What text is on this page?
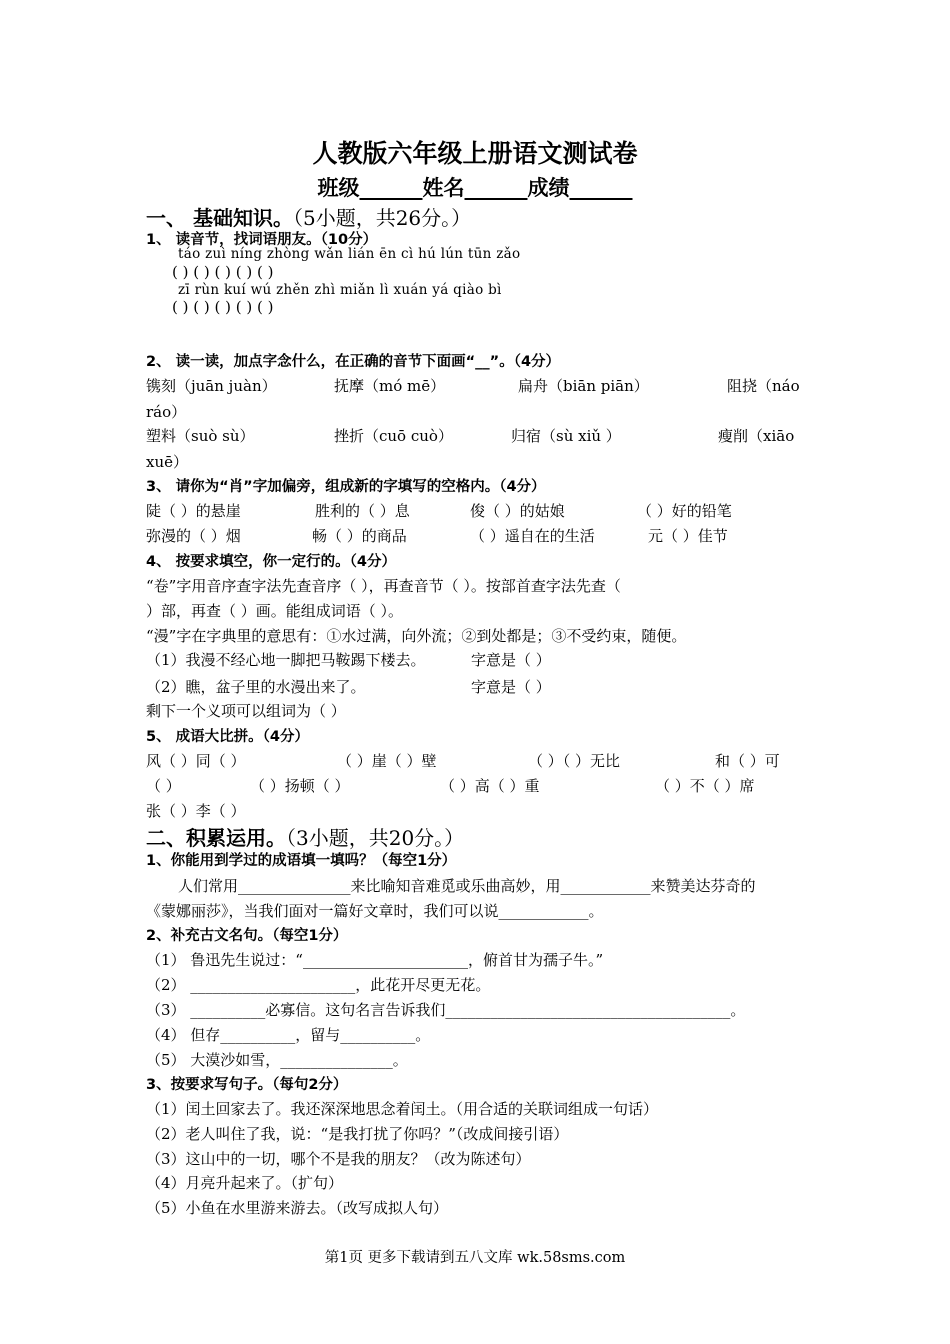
人教版六年级上册语文测试卷
班级______姓名______成绩______
一、 基础知识。（5小题，共26分。）
1、 读音节，找词语朋友。（10分）
táo zuì níng zhòng wǎn lián ēn cì hú lún tūn zǎo
( ) ( ) ( ) ( ) ( )
zī rùn kuí wú zhěn zhì miǎn lì xuán yá qiào bì
( ) ( ) ( ) ( ) ( )
2、 读一读，加点字念什么，在正确的音节下面画“__”。（4分）
镌刻（juān juàn）	抚摩（mó mē）	扁舟（biān piān）	阻挠（náo
ráo）
塑料（suò sù）	挫折（cuō cuò）	归宿（sù xiǔ ）	瘦削（xiāo
xuē）
3、 请你为“肖”字加偏旁，组成新的字填写的空格内。（4分）
陡（ ）的悬崖	胜利的（ ）息	俊（ ）的姑娘	（ ）好的铅笔
弥漫的（ ）烟	畅（ ）的商品	（ ）遥自在的生活	元（ ）佳节
4、 按要求填空，你一定行的。（4分）
“卷”字用音序查字法先查音序（ ），再查音节（ ）。按部首查字法先查（
）部，再查（ ）画。能组成词语（ ）。
“漫”字在字典里的意思有：①水过满，向外流；②到处都是；③不受约束，随便。
（1）我漫不经心地一脚把马鞍踢下楼去。	字意是（ ）
（2）瞧，盆子里的水漫出来了。	字意是（ ）
剩下一个义项可以组词为（ ）
5、 成语大比拼。（4分）
风（ ）同（ ）	（ ）崖（ ）壁	（ ）（ ）无比	和（ ）可
（ ）	（ ）扬顿（ ）	（ ）高（ ）重	（ ）不（ ）席
张（ ）李（ ）
二、积累运用。（3小题，共20分。）
1、你能用到学过的成语填一填吗？（每空1分）
人们常用_______________来比喻知音难觅或乐曲高妙，用____________来赞美达芬奇的
《蒙娜丽莎》，当我们面对一篇好文章时，我们可以说____________。
2、补充古文名句。（每空1分）
（1） 鲁迅先生说过：“______________________，俯首甘为孺子牛。”
（2） ______________________，此花开尽更无花。
（3） __________必寡信。这句名言告诉我们______________________________________。
（4） 但存__________，留与__________。
（5） 大漠沙如雪，_______________。
3、按要求写句子。（每句2分）
（1）闰土回家去了。我还深深地思念着闰土。（用合适的关联词组成一句话）
（2）老人叫住了我，说：“是我打扰了你吗？”（改成间接引语）
（3）这山中的一切，哪个不是我的朋友？（改为陈述句）
（4）月亮升起来了。（扩句）
（5）小鱼在水里游来游去。（改写成拟人句）
第1页 更多下载请到五八文库 wk.58sms.com
